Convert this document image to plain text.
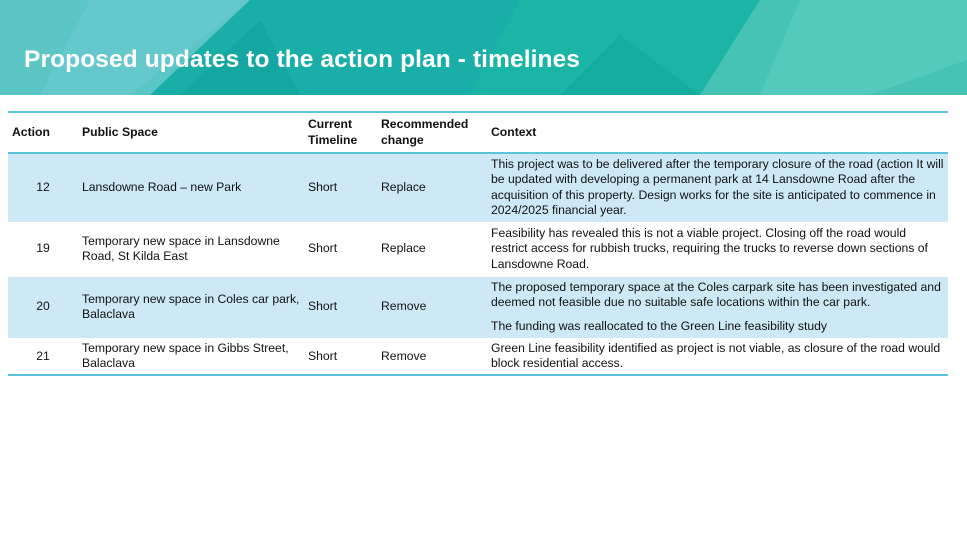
Proposed updates to the action plan - timelines
Action	Public Space	Current Timeline	Recommended change	Context
12	Lansdowne Road – new Park	Short	Replace	This project was to be delivered after the temporary closure of the road (action It will be updated with developing a permanent park at 14 Lansdowne Road after the acquisition of this property. Design works for the site is anticipated to commence in 2024/2025 financial year.

19	Temporary new space in Lansdowne Road, St Kilda East	Short	Replace	Feasibility has revealed this is not a viable project. Closing off the road would restrict access for rubbish trucks, requiring the trucks to reverse down sections of Lansdowne Road.

20	Temporary new space in Coles car park, Balaclava	Short	Remove	The proposed temporary space at the Coles carpark site has been investigated and deemed not feasible due no suitable safe locations within the car park.

The funding was reallocated to the Green Line feasibility study

21	Temporary new space in Gibbs Street, Balaclava	Short	Remove	Green Line feasibility identified as project is not viable, as closure of the road would block residential access.
